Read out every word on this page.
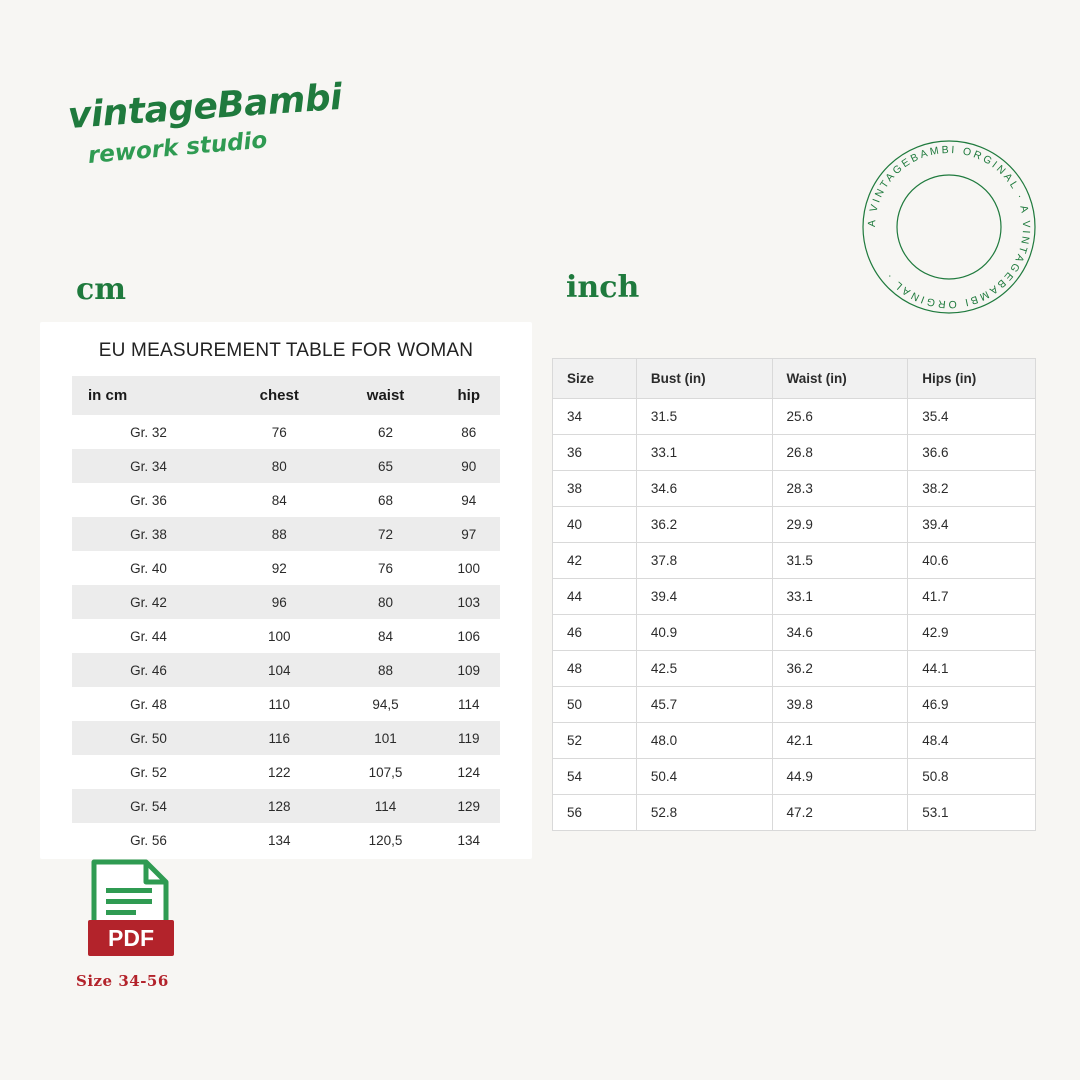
vintageBambi
rework studio
A VINTAGEBAMBI ORGINAL · A VINTAGEBAMBI ORGINAL ·
cm	inch
EU MEASUREMENT TABLE FOR WOMAN
in cm	chest	waist	hip
Gr. 32	76	62	86
Gr. 34	80	65	90
Gr. 36	84	68	94
Gr. 38	88	72	97
Gr. 40	92	76	100
Gr. 42	96	80	103
Gr. 44	100	84	106
Gr. 46	104	88	109
Gr. 48	110	94,5	114
Gr. 50	116	101	119
Gr. 52	122	107,5	124
Gr. 54	128	114	129
Gr. 56	134	120,5	134
Size	Bust (in)	Waist (in)	Hips (in)
34	31.5	25.6	35.4
36	33.1	26.8	36.6
38	34.6	28.3	38.2
40	36.2	29.9	39.4
42	37.8	31.5	40.6
44	39.4	33.1	41.7
46	40.9	34.6	42.9
48	42.5	36.2	44.1
50	45.7	39.8	46.9
52	48.0	42.1	48.4
54	50.4	44.9	50.8
56	52.8	47.2	53.1
PDF
Size 34-56
